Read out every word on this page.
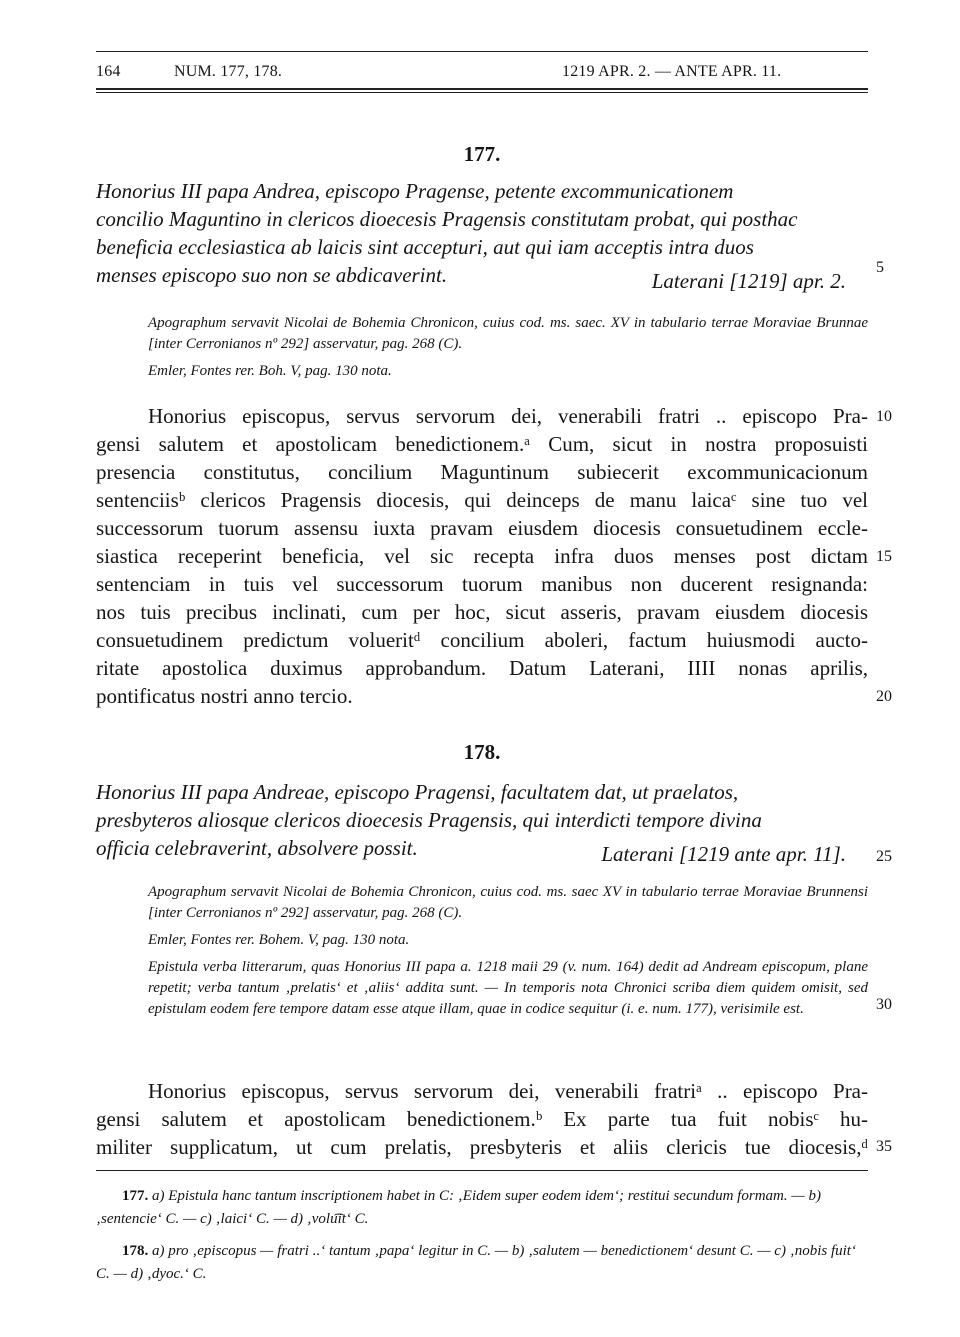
164	NUM. 177, 178.	1219 APR. 2. — ANTE APR. 11.
177.
Honorius III papa Andrea, episcopo Pragense, petente excommunicationem
concilio Maguntino in clericos dioecesis Pragensis constitutam probat, qui posthac
beneficia ecclesiastica ab laicis sint accepturi, aut qui iam acceptis intra duos
menses episcopo suo non se abdicaverint.	Laterani [1219] apr. 2.

Apographum servavit Nicolai de Bohemia Chronicon, cuius cod. ms. saec. XV in tabulario terrae Moraviae Brunnae [inter Cerronianos nº 292] asservatur, pag. 268 (C).

Emler, Fontes rer. Boh. V, pag. 130 nota.

Honorius episcopus, servus servorum dei, venerabili fratri .. episcopo Pra-
gensi salutem et apostolicam benedictionem.ᵃ Cum, sicut in nostra proposuisti
presencia constitutus, concilium Maguntinum subiecerit excommunicacionum
sentenciisᵇ clericos Pragensis diocesis, qui deinceps de manu laicaᶜ sine tuo vel
successorum tuorum assensu iuxta pravam eiusdem diocesis consuetudinem eccle-
siastica receperint beneficia, vel sic recepta infra duos menses post dictam
sentenciam in tuis vel successorum tuorum manibus non ducerent resignanda:
nos tuis precibus inclinati, cum per hoc, sicut asseris, pravam eiusdem diocesis
consuetudinem predictum volueritᵈ concilium aboleri, factum huiusmodi aucto-
ritate apostolica duximus approbandum. Datum Laterani, IIII nonas aprilis,
pontificatus nostri anno tercio.
178.
Honorius III papa Andreae, episcopo Pragensi, facultatem dat, ut praelatos,
presbyteros aliosque clericos dioecesis Pragensis, qui interdicti tempore divina
officia celebraverint, absolvere possit.	Laterani [1219 ante apr. 11].

Apographum servavit Nicolai de Bohemia Chronicon, cuius cod. ms. saec XV in tabulario terrae Moraviae Brunnensi [inter Cerronianos nº 292] asservatur, pag. 268 (C).

Emler, Fontes rer. Bohem. V, pag. 130 nota.

Epistula verba litterarum, quas Honorius III papa a. 1218 maii 29 (v. num. 164) dedit ad Andream episcopum, plane repetit; verba tantum ‚prelatis‘ et ‚aliis‘ addita sunt. — In temporis nota Chronici scriba diem quidem omisit, sed epistulam eodem fere tempore datam esse atque illam, quae in codice sequitur (i. e. num. 177), verisimile est.

Honorius episcopus, servus servorum dei, venerabili fratriᵃ .. episcopo Pra-
gensi salutem et apostolicam benedictionem.ᵇ Ex parte tua fuit nobisᶜ hu-
militer supplicatum, ut cum prelatis, presbyteris et aliis clericis tue diocesis,ᵈ
5
10
15
20
25
30
35
177. a) Epistula hanc tantum inscriptionem habet in C: ‚Eidem super eodem idem‘; restitui secundum formam. — b) ‚sentencie‘ C. — c) ‚laici‘ C. — d) ‚volu͡it‘ C.
178. a) pro ‚episcopus — fratri ..‘ tantum ‚papa‘ legitur in C. — b) ‚salutem — benedictionem‘ desunt C. — c) ‚nobis fuit‘ C. — d) ‚dyoc.‘ C.
